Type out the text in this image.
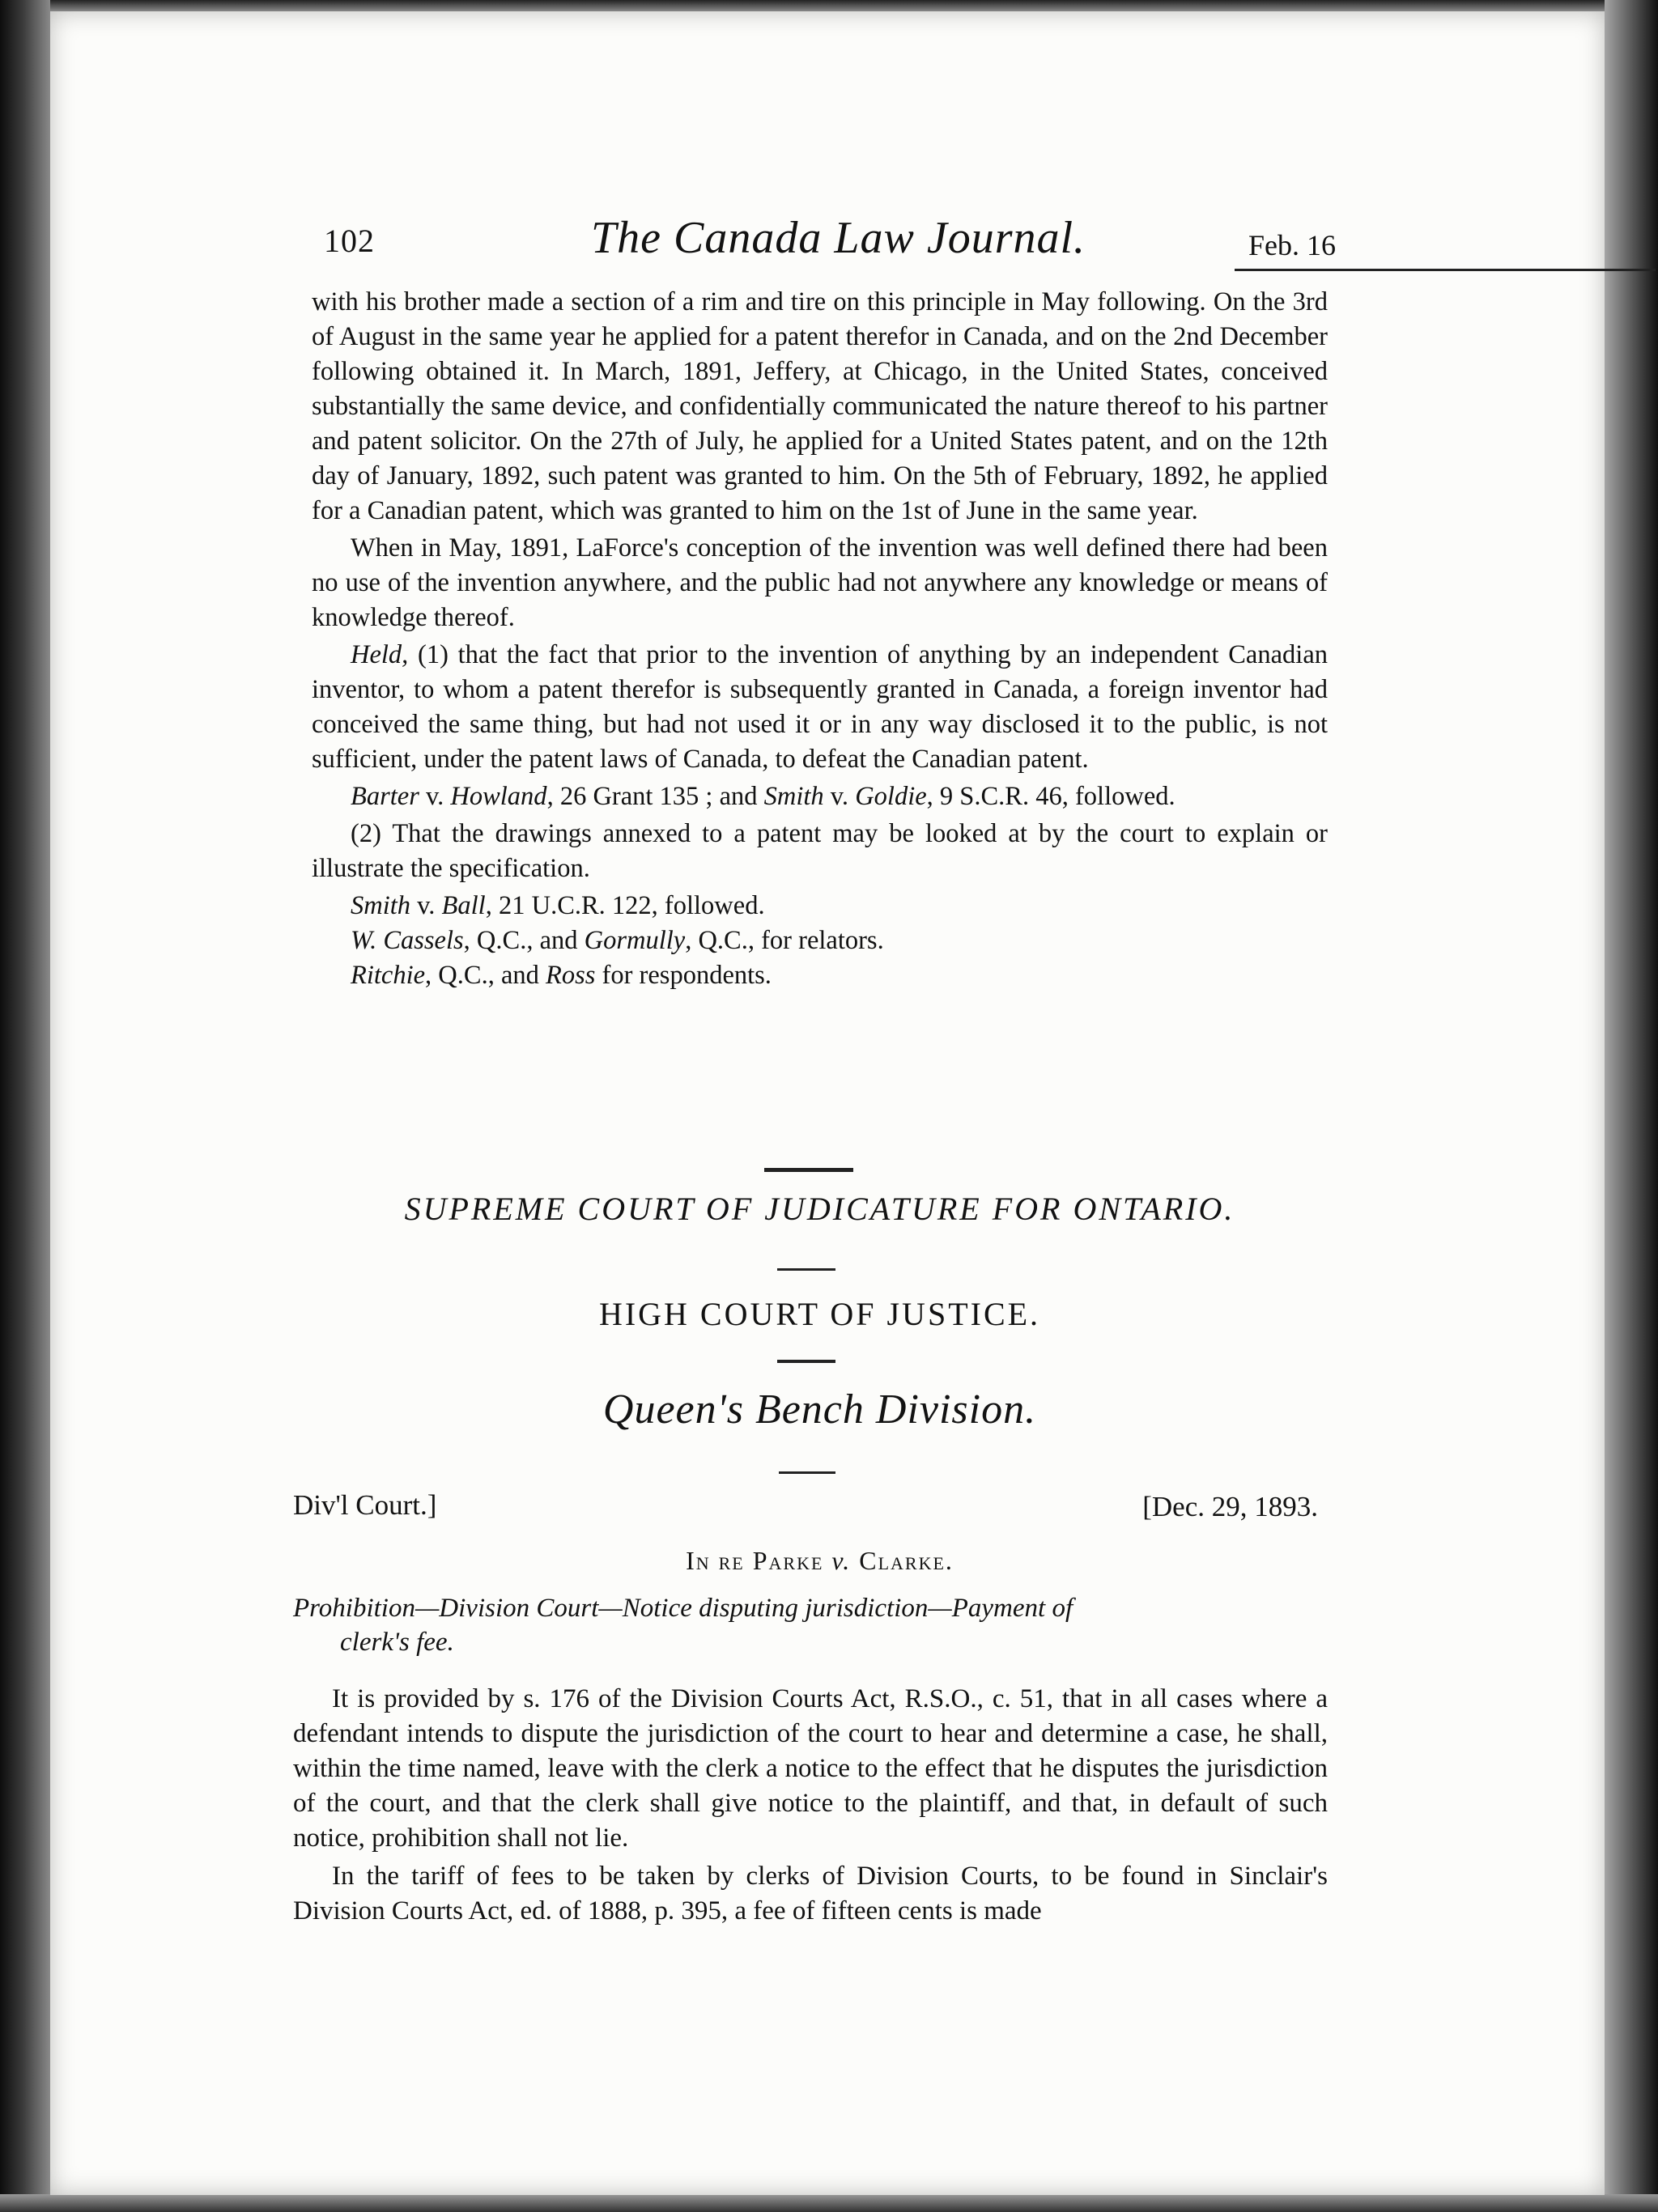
102	The Canada Law Journal.	Feb. 16

with his brother made a section of a rim and tire on this principle in May following. On the 3rd of August in the same year he applied for a patent therefor in Canada, and on the 2nd December following obtained it. In March, 1891, Jeffery, at Chicago, in the United States, conceived substantially the same device, and confidentially communicated the nature thereof to his partner and patent solicitor. On the 27th of July, he applied for a United States patent, and on the 12th day of January, 1892, such patent was granted to him. On the 5th of February, 1892, he applied for a Canadian patent, which was granted to him on the 1st of June in the same year.

When in May, 1891, LaForce's conception of the invention was well defined there had been no use of the invention anywhere, and the public had not anywhere any knowledge or means of knowledge thereof.

Held, (1) that the fact that prior to the invention of anything by an independent Canadian inventor, to whom a patent therefor is subsequently granted in Canada, a foreign inventor had conceived the same thing, but had not used it or in any way disclosed it to the public, is not sufficient, under the patent laws of Canada, to defeat the Canadian patent.

Barter v. Howland, 26 Grant 135 ; and Smith v. Goldie, 9 S.C.R. 46, followed.

(2) That the drawings annexed to a patent may be looked at by the court to explain or illustrate the specification.

Smith v. Ball, 21 U.C.R. 122, followed.

W. Cassels, Q.C., and Gormully, Q.C., for relators.

Ritchie, Q.C., and Ross for respondents.

SUPREME COURT OF JUDICATURE FOR ONTARIO.
HIGH COURT OF JUSTICE.
Queen's Bench Division.
Div'l Court.]	[Dec. 29, 1893.
In re Parke v. Clarke.
Prohibition—Division Court—Notice disputing jurisdiction—Payment of
clerk's fee.

It is provided by s. 176 of the Division Courts Act, R.S.O., c. 51, that in all cases where a defendant intends to dispute the jurisdiction of the court to hear and determine a case, he shall, within the time named, leave with the clerk a notice to the effect that he disputes the jurisdiction of the court, and that the clerk shall give notice to the plaintiff, and that, in default of such notice, prohibition shall not lie.

In the tariff of fees to be taken by clerks of Division Courts, to be found in Sinclair's Division Courts Act, ed. of 1888, p. 395, a fee of fifteen cents is made
